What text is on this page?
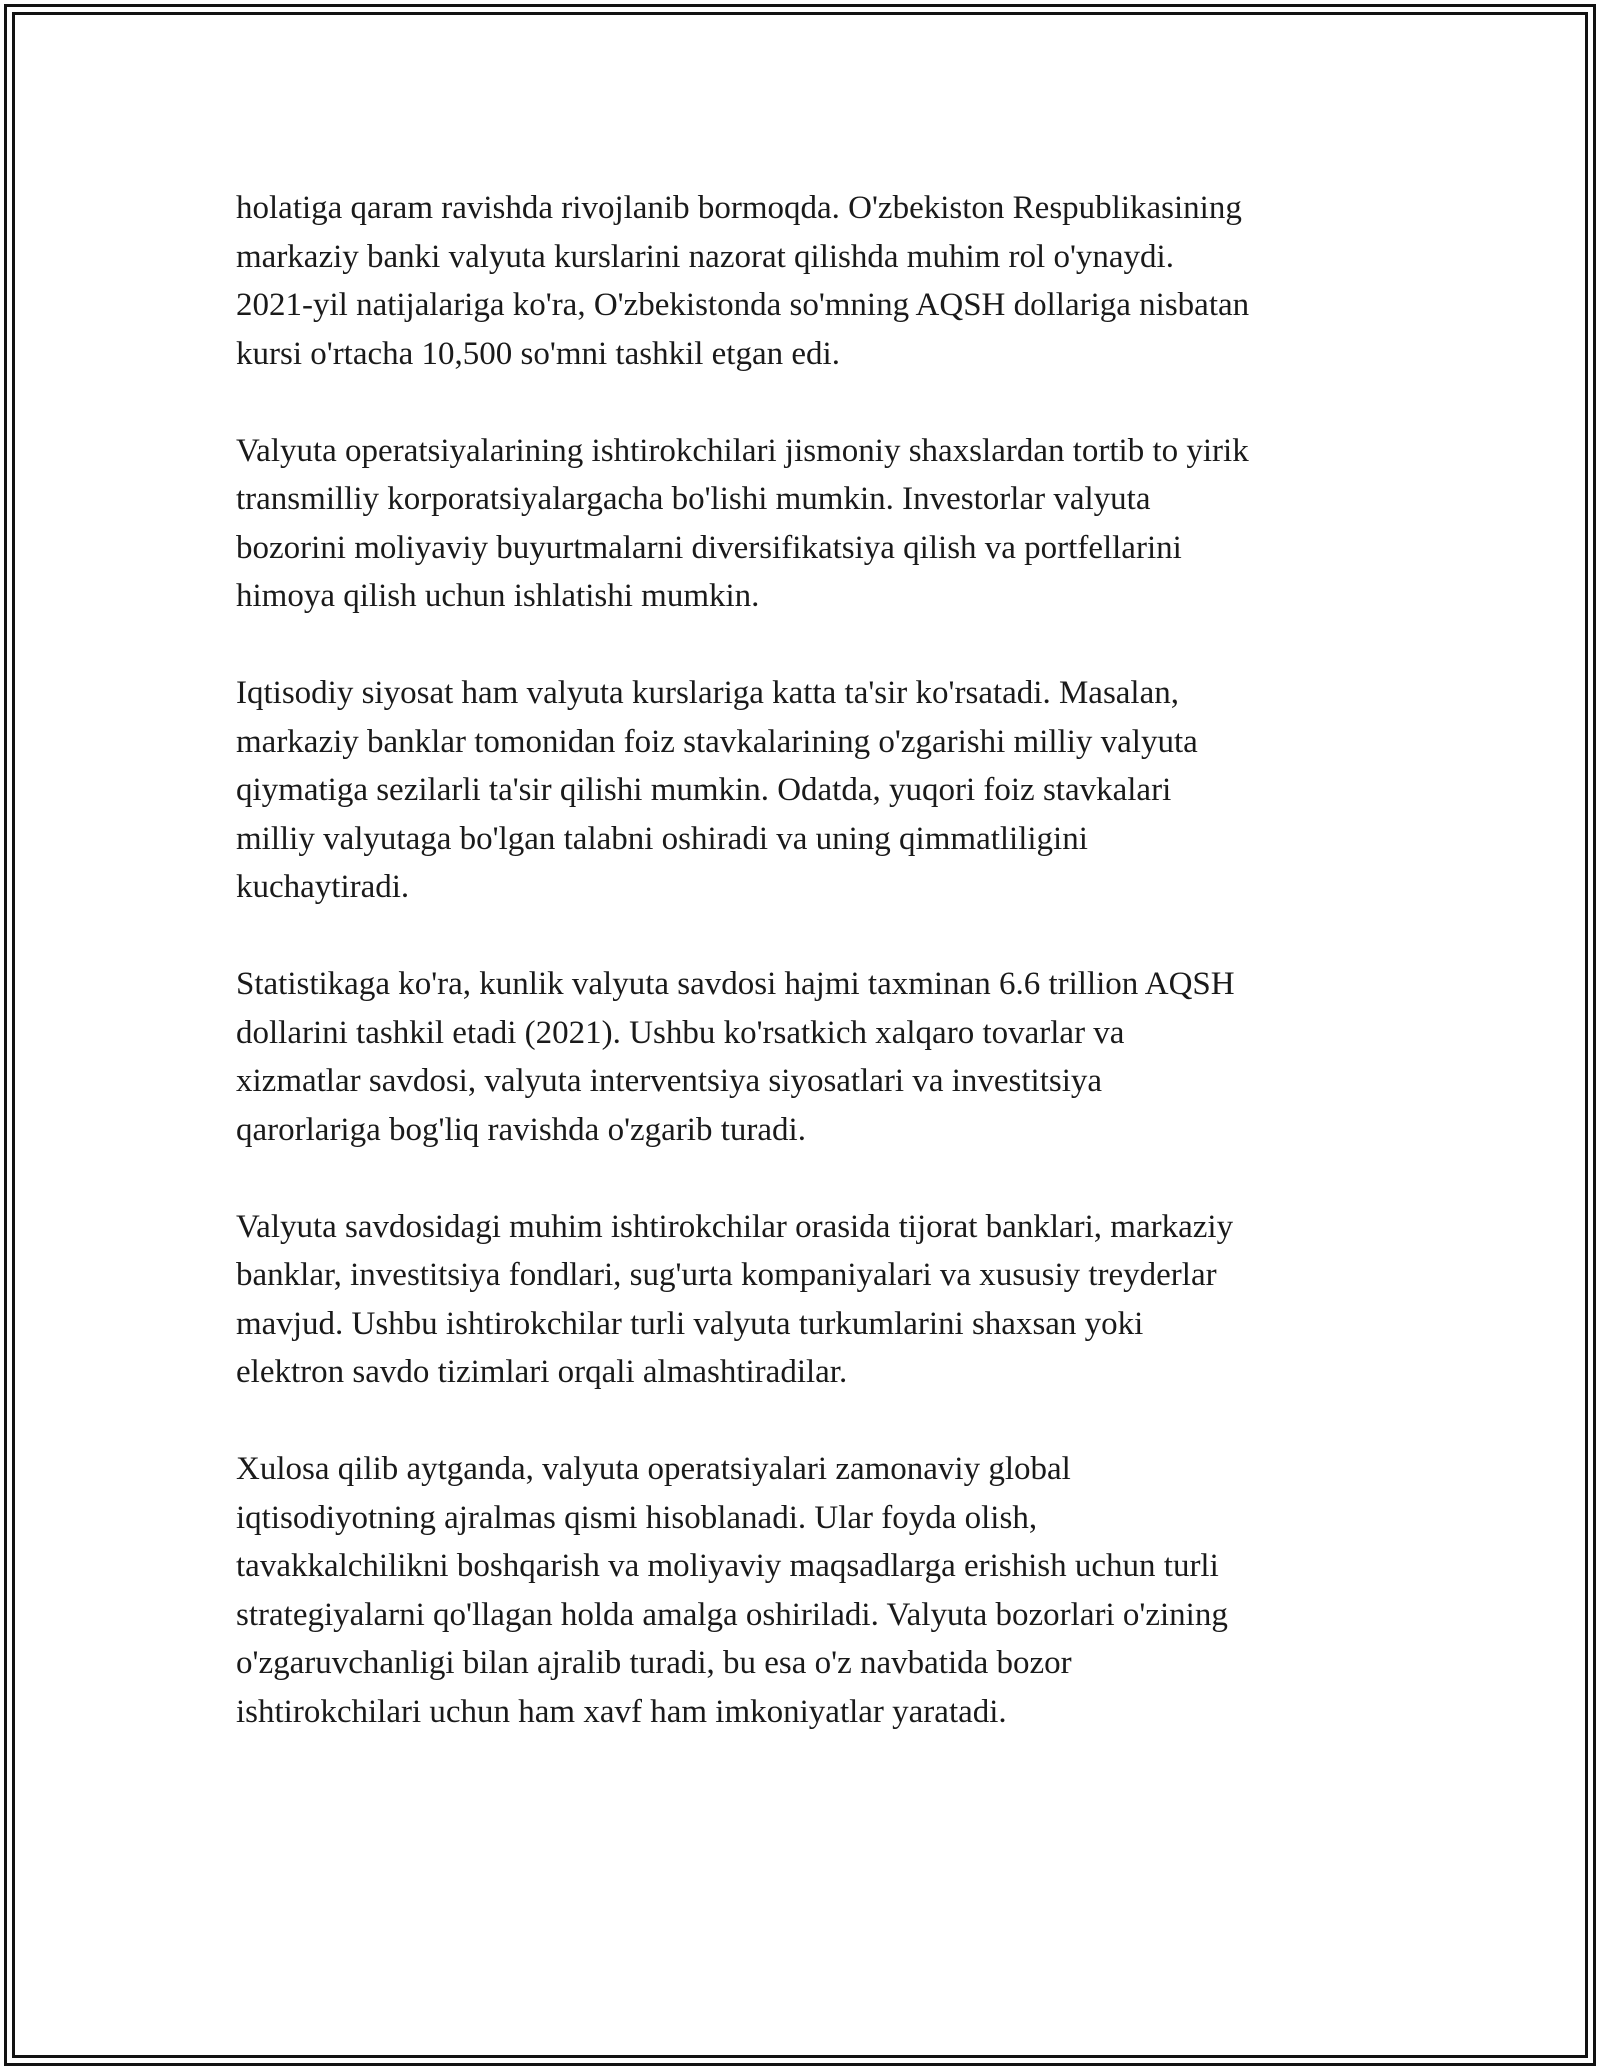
holatiga qaram ravishda rivojlanib bormoqda. O'zbekiston Respublikasining
markaziy banki valyuta kurslarini nazorat qilishda muhim rol o'ynaydi.
2021-yil natijalariga ko'ra, O'zbekistonda so'mning AQSH dollariga nisbatan
kursi o'rtacha 10,500 so'mni tashkil etgan edi.

Valyuta operatsiyalarining ishtirokchilari jismoniy shaxslardan tortib to yirik
transmilliy korporatsiyalargacha bo'lishi mumkin. Investorlar valyuta
bozorini moliyaviy buyurtmalarni diversifikatsiya qilish va portfellarini
himoya qilish uchun ishlatishi mumkin.

Iqtisodiy siyosat ham valyuta kurslariga katta ta'sir ko'rsatadi. Masalan,
markaziy banklar tomonidan foiz stavkalarining o'zgarishi milliy valyuta
qiymatiga sezilarli ta'sir qilishi mumkin. Odatda, yuqori foiz stavkalari
milliy valyutaga bo'lgan talabni oshiradi va uning qimmatliligini
kuchaytiradi.

Statistikaga ko'ra, kunlik valyuta savdosi hajmi taxminan 6.6 trillion AQSH
dollarini tashkil etadi (2021). Ushbu ko'rsatkich xalqaro tovarlar va
xizmatlar savdosi, valyuta interventsiya siyosatlari va investitsiya
qarorlariga bog'liq ravishda o'zgarib turadi.

Valyuta savdosidagi muhim ishtirokchilar orasida tijorat banklari, markaziy
banklar, investitsiya fondlari, sug'urta kompaniyalari va xususiy treyderlar
mavjud. Ushbu ishtirokchilar turli valyuta turkumlarini shaxsan yoki
elektron savdo tizimlari orqali almashtiradilar.

Xulosa qilib aytganda, valyuta operatsiyalari zamonaviy global
iqtisodiyotning ajralmas qismi hisoblanadi. Ular foyda olish,
tavakkalchilikni boshqarish va moliyaviy maqsadlarga erishish uchun turli
strategiyalarni qo'llagan holda amalga oshiriladi. Valyuta bozorlari o'zining
o'zgaruvchanligi bilan ajralib turadi, bu esa o'z navbatida bozor
ishtirokchilari uchun ham xavf ham imkoniyatlar yaratadi.
